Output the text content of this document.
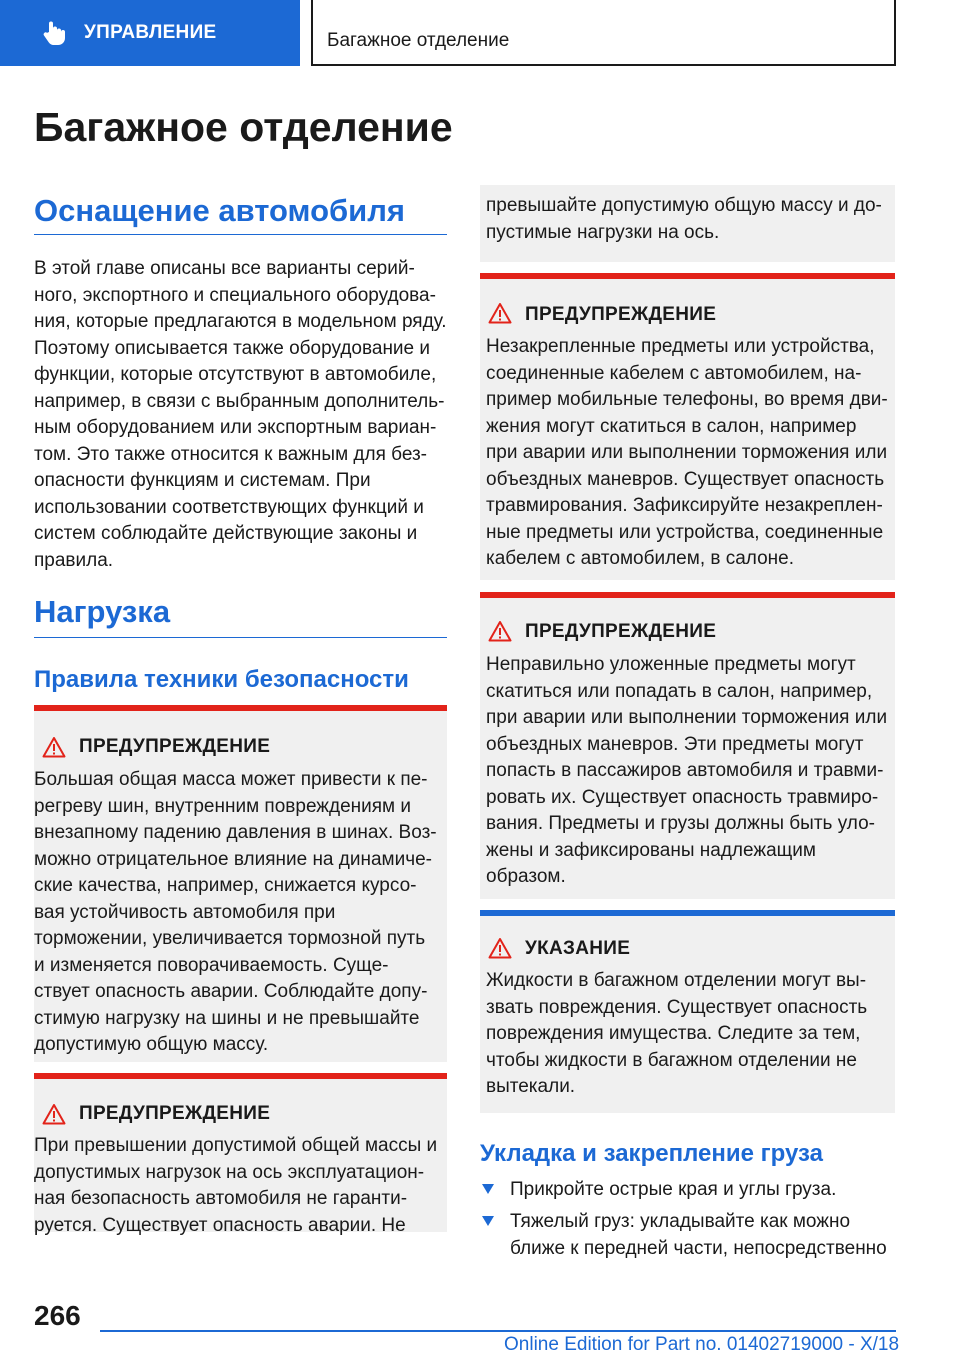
УПРАВЛЕНИЕ	Багажное отделение
Багажное отделение
Оснащение автомобиля
В этой главе описаны все варианты серий-
ного, экспортного и специального оборудова-
ния, которые предлагаются в модельном ряду.
Поэтому описывается также оборудование и
функции, которые отсутствуют в автомобиле,
например, в связи с выбранным дополнитель-
ным оборудованием или экспортным вариан-
том. Это также относится к важным для без-
опасности функциям и системам. При
использовании соответствующих функций и
систем соблюдайте действующие законы и
правила.
Нагрузка
Правила техники безопасности
ПРЕДУПРЕЖДЕНИЕ
Большая общая масса может привести к пе-
регреву шин, внутренним повреждениям и
внезапному падению давления в шинах. Воз-
можно отрицательное влияние на динамиче-
ские качества, например, снижается курсо-
вая устойчивость автомобиля при
торможении, увеличивается тормозной путь
и изменяется поворачиваемость. Суще-
ствует опасность аварии. Соблюдайте допу-
стимую нагрузку на шины и не превышайте
допустимую общую массу.
ПРЕДУПРЕЖДЕНИЕ
При превышении допустимой общей массы и
допустимых нагрузок на ось эксплуатацион-
ная безопасность автомобиля не гаранти-
руется. Существует опасность аварии. Не
превышайте допустимую общую массу и до-
пустимые нагрузки на ось.
ПРЕДУПРЕЖДЕНИЕ
Незакрепленные предметы или устройства,
соединенные кабелем с автомобилем, на-
пример мобильные телефоны, во время дви-
жения могут скатиться в салон, например
при аварии или выполнении торможения или
объездных маневров. Существует опасность
травмирования. Зафиксируйте незакреплен-
ные предметы или устройства, соединенные
кабелем с автомобилем, в салоне.
ПРЕДУПРЕЖДЕНИЕ
Неправильно уложенные предметы могут
скатиться или попадать в салон, например,
при аварии или выполнении торможения или
объездных маневров. Эти предметы могут
попасть в пассажиров автомобиля и травми-
ровать их. Существует опасность травмиро-
вания. Предметы и грузы должны быть уло-
жены и зафиксированы надлежащим
образом.
УКАЗАНИЕ
Жидкости в багажном отделении могут вы-
звать повреждения. Существует опасность
повреждения имущества. Следите за тем,
чтобы жидкости в багажном отделении не
вытекали.
Укладка и закрепление груза
Прикройте острые края и углы груза.
Тяжелый груз: укладывайте как можно
ближе к передней части, непосредственно
266
Online Edition for Part no. 01402719000 - X/18
